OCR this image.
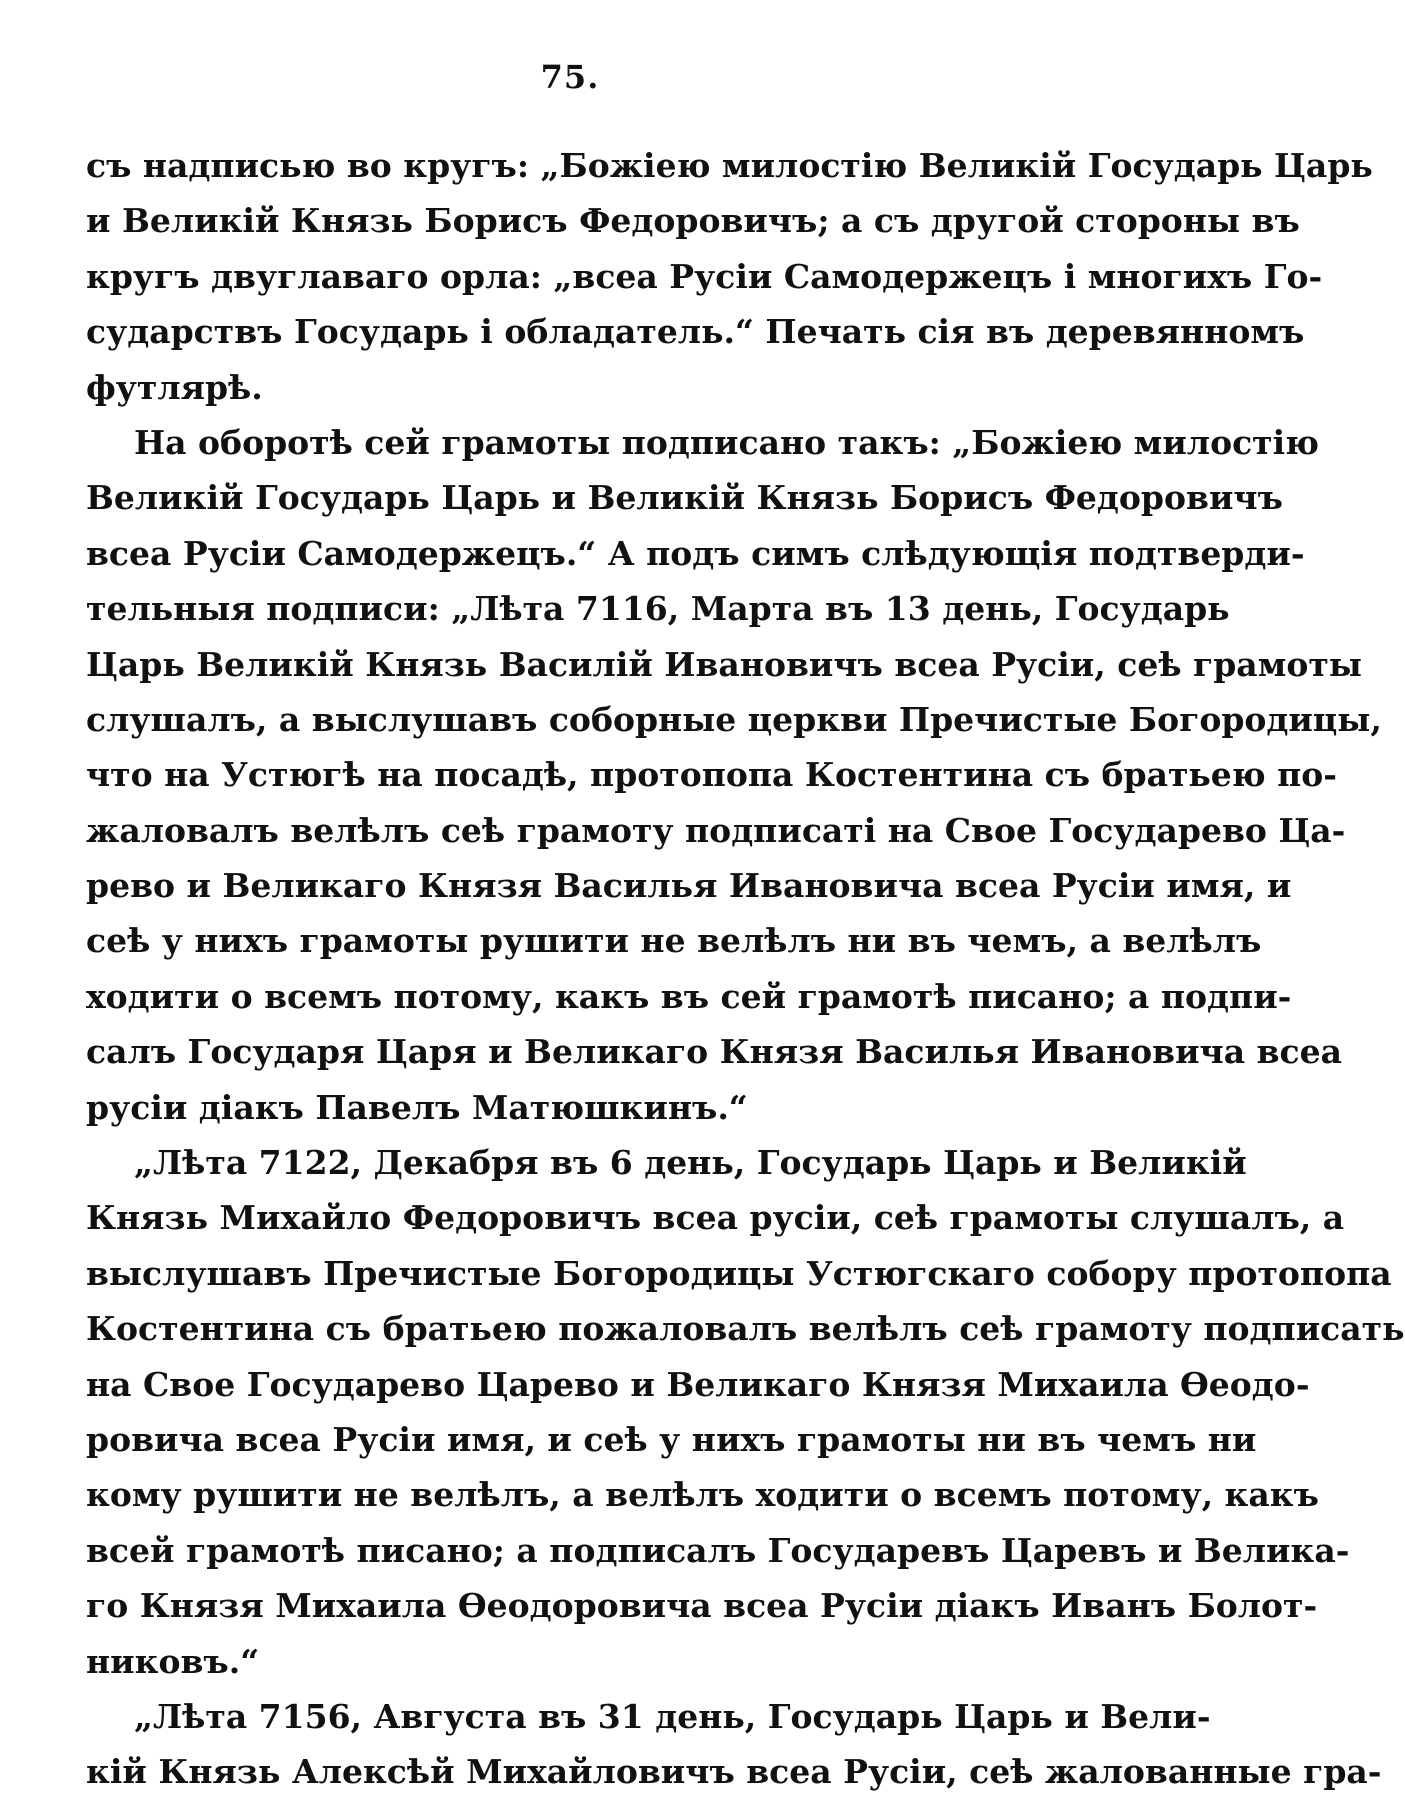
75.
съ надписью во кругъ: „Божіею милостію Великій Государь Царь
и Великій Князь Борисъ Федоровичъ; а съ другой стороны въ
кругъ двуглаваго орла: „всеа Русіи Самодержецъ і многихъ Го-
сударствъ Государь і обладатель.“ Печать сія въ деревянномъ
футлярѣ.
На оборотѣ сей грамоты подписано такъ: „Божіею милостію
Великій Государь Царь и Великій Князь Борисъ Федоровичъ
всеа Русіи Самодержецъ.“ А подъ симъ слѣдующія подтверди-
тельныя подписи: „Лѣта 7116, Марта въ 13 день, Государь
Царь Великій Князь Василій Ивановичъ всеа Русіи, сеѣ грамоты
слушалъ, а выслушавъ соборные церкви Пречистые Богородицы,
что на Устюгѣ на посадѣ, протопопа Костентина съ братьею по-
жаловалъ велѣлъ сеѣ грамоту подписаті на Свое Государево Ца-
рево и Великаго Князя Василья Ивановича всеа Русіи имя, и
сеѣ у нихъ грамоты рушити не велѣлъ ни въ чемъ, а велѣлъ
ходити о всемъ потому, какъ въ сей грамотѣ писано; а подпи-
салъ Государя Царя и Великаго Князя Василья Ивановича всеа
русіи діакъ Павелъ Матюшкинъ.“
„Лѣта 7122, Декабря въ 6 день, Государь Царь и Великій
Князь Михайло Федоровичъ всеа русіи, сеѣ грамоты слушалъ, а
выслушавъ Пречистые Богородицы Устюгскаго собору протопопа
Костентина съ братьею пожаловалъ велѣлъ сеѣ грамоту подписать
на Свое Государево Царево и Великаго Князя Михаила Өеодо-
ровича всеа Русіи имя, и сеѣ у нихъ грамоты ни въ чемъ ни
кому рушити не велѣлъ, а велѣлъ ходити о всемъ потому, какъ
всей грамотѣ писано; а подписалъ Государевъ Царевъ и Велика-
го Князя Михаила Өеодоровича всеа Русіи діакъ Иванъ Болот-
никовъ.“
„Лѣта 7156, Августа въ 31 день, Государь Царь и Вели-
кій Князь Алексѣй Михайловичъ всеа Русіи, сеѣ жалованные гра-
